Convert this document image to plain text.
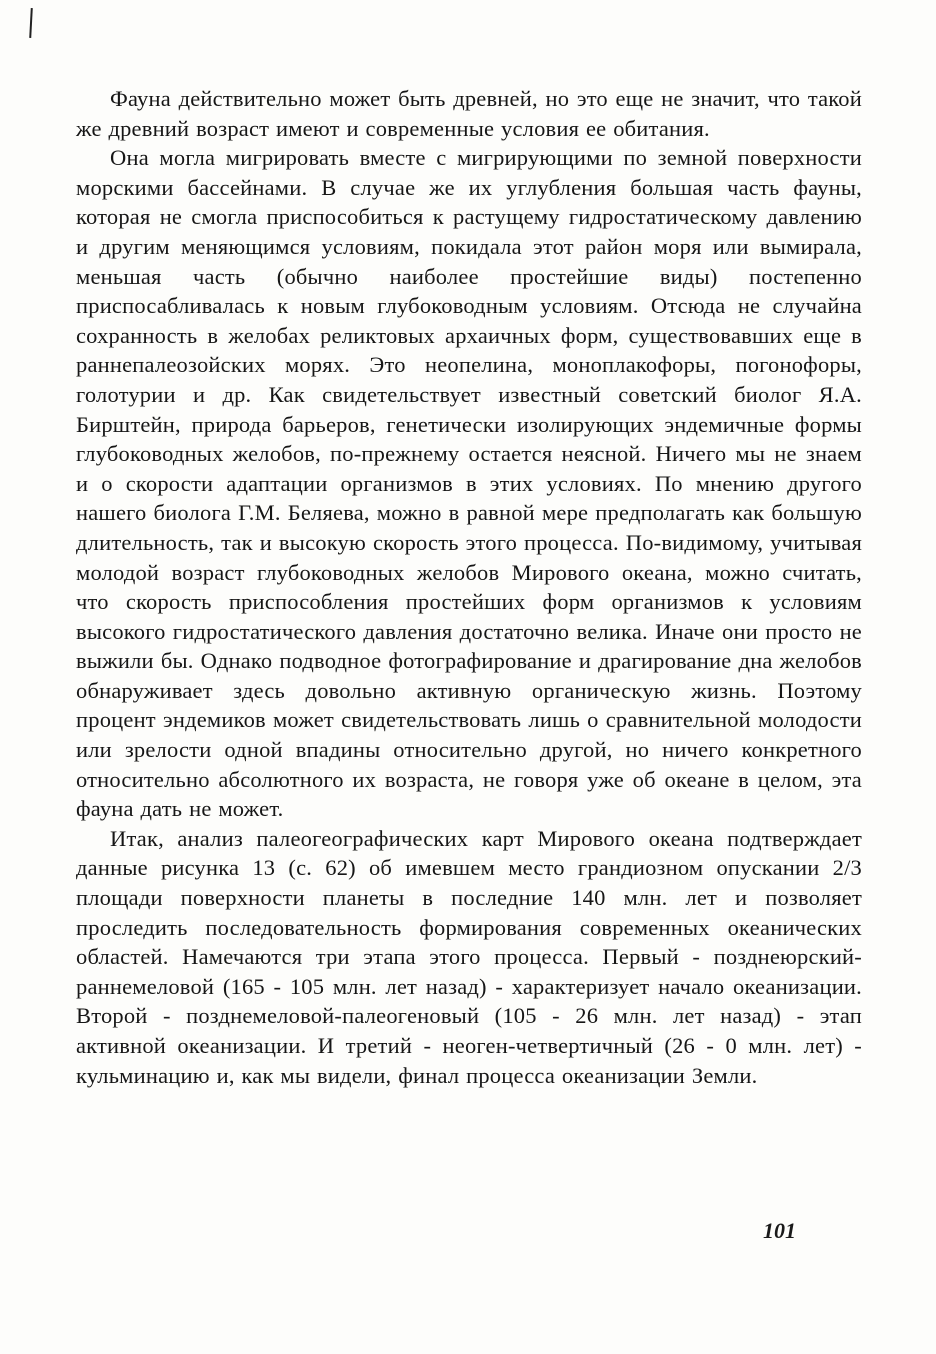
Фауна действительно может быть древней, но это еще не значит, что такой же древний возраст имеют и современные условия ее обитания.

Она могла мигрировать вместе с мигрирующими по земной поверхности морскими бассейнами. В случае же их углубления большая часть фауны, которая не смогла приспособиться к растущему гидростатическому давлению и другим меняющимся условиям, покидала этот район моря или вымирала, меньшая часть (обычно наиболее простейшие виды) постепенно приспосабливалась к новым глубоководным условиям. Отсюда не случайна сохранность в желобах реликтовых архаичных форм, существовавших еще в раннепалеозойских морях. Это неопелина, моноплакофоры, погонофоры, голотурии и др. Как свидетельствует известный советский биолог Я.А. Бирштейн, природа барьеров, генетически изолирующих эндемичные формы глубоководных желобов, по-прежнему остается неясной. Ничего мы не знаем и о скорости адаптации организмов в этих условиях. По мнению другого нашего биолога Г.М. Беляева, можно в равной мере предполагать как большую длительность, так и высокую скорость этого процесса. По-видимому, учитывая молодой возраст глубоководных желобов Мирового океана, можно считать, что скорость приспособления простейших форм организмов к условиям высокого гидростатического давления достаточно велика. Иначе они просто не выжили бы. Однако подводное фотографирование и драгирование дна желобов обнаруживает здесь довольно активную органическую жизнь. Поэтому процент эндемиков может свидетельствовать лишь о сравнительной молодости или зрелости одной впадины относительно другой, но ничего конкретного относительно абсолютного их возраста, не говоря уже об океане в целом, эта фауна дать не может.

Итак, анализ палеогеографических карт Мирового океана подтверждает данные рисунка 13 (с. 62) об имевшем место грандиозном опускании 2/3 площади поверхности планеты в последние 140 млн. лет и позволяет проследить последовательность формирования современных океанических областей. Намечаются три этапа этого процесса. Первый - позднеюрский-раннемеловой (165 - 105 млн. лет назад) - характеризует начало океанизации. Второй - позднемеловой-палеогеновый (105 - 26 млн. лет назад) - этап активной океанизации. И третий - неоген-четвертичный (26 - 0 млн. лет) - кульминацию и, как мы видели, финал процесса океанизации Земли.

101
